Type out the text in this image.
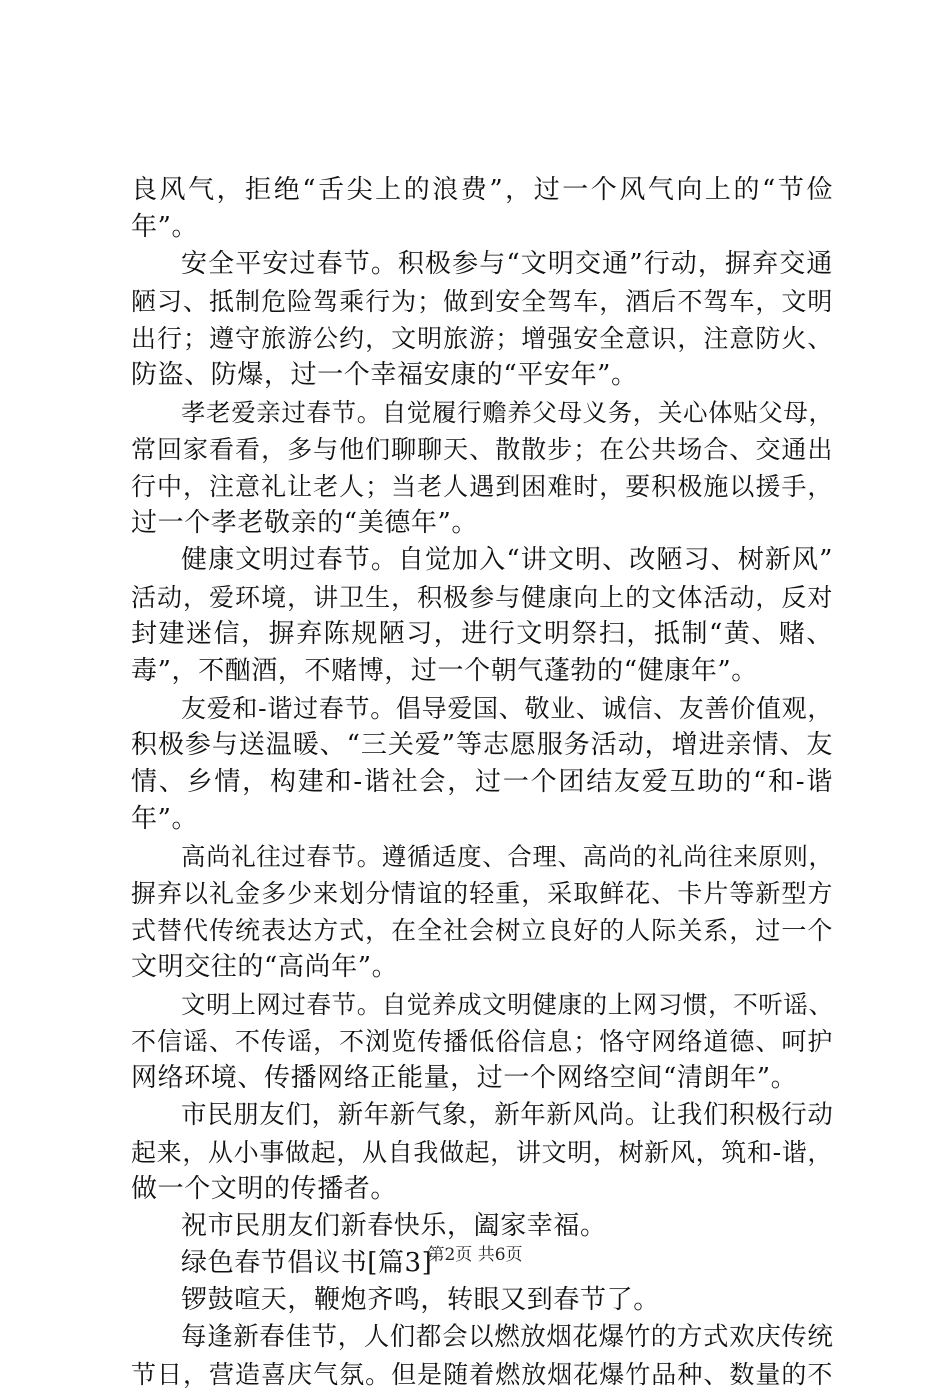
良风气，拒绝“舌尖上的浪费”，过一个风气向上的“节俭
年”。
安全平安过春节。积极参与“文明交通”行动，摒弃交通
陋习、抵制危险驾乘行为；做到安全驾车，酒后不驾车，文明
出行；遵守旅游公约，文明旅游；增强安全意识，注意防火、
防盗、防爆，过一个幸福安康的“平安年”。
孝老爱亲过春节。自觉履行赡养父母义务，关心体贴父母，
常回家看看，多与他们聊聊天、散散步；在公共场合、交通出
行中，注意礼让老人；当老人遇到困难时，要积极施以援手，
过一个孝老敬亲的“美德年”。
健康文明过春节。自觉加入“讲文明、改陋习、树新风”
活动，爱环境，讲卫生，积极参与健康向上的文体活动，反对
封建迷信，摒弃陈规陋习，进行文明祭扫，抵制“黄、赌、
毒”，不酗酒，不赌博，过一个朝气蓬勃的“健康年”。
友爱和-谐过春节。倡导爱国、敬业、诚信、友善价值观，
积极参与送温暖、“三关爱”等志愿服务活动，增进亲情、友
情、乡情，构建和-谐社会，过一个团结友爱互助的“和-谐
年”。
高尚礼往过春节。遵循适度、合理、高尚的礼尚往来原则，
摒弃以礼金多少来划分情谊的轻重，采取鲜花、卡片等新型方
式替代传统表达方式，在全社会树立良好的人际关系，过一个
文明交往的“高尚年”。
文明上网过春节。自觉养成文明健康的上网习惯，不听谣、
不信谣、不传谣，不浏览传播低俗信息；恪守网络道德、呵护
网络环境、传播网络正能量，过一个网络空间“清朗年”。
市民朋友们，新年新气象，新年新风尚。让我们积极行动
起来，从小事做起，从自我做起，讲文明，树新风，筑和-谐，
做一个文明的传播者。
祝市民朋友们新春快乐，阖家幸福。
绿色春节倡议书[篇3]
锣鼓喧天，鞭炮齐鸣，转眼又到春节了。
每逢新春佳节，人们都会以燃放烟花爆竹的方式欢庆传统
节日，营造喜庆气氛。但是随着燃放烟花爆竹品种、数量的不
第2页 共6页
